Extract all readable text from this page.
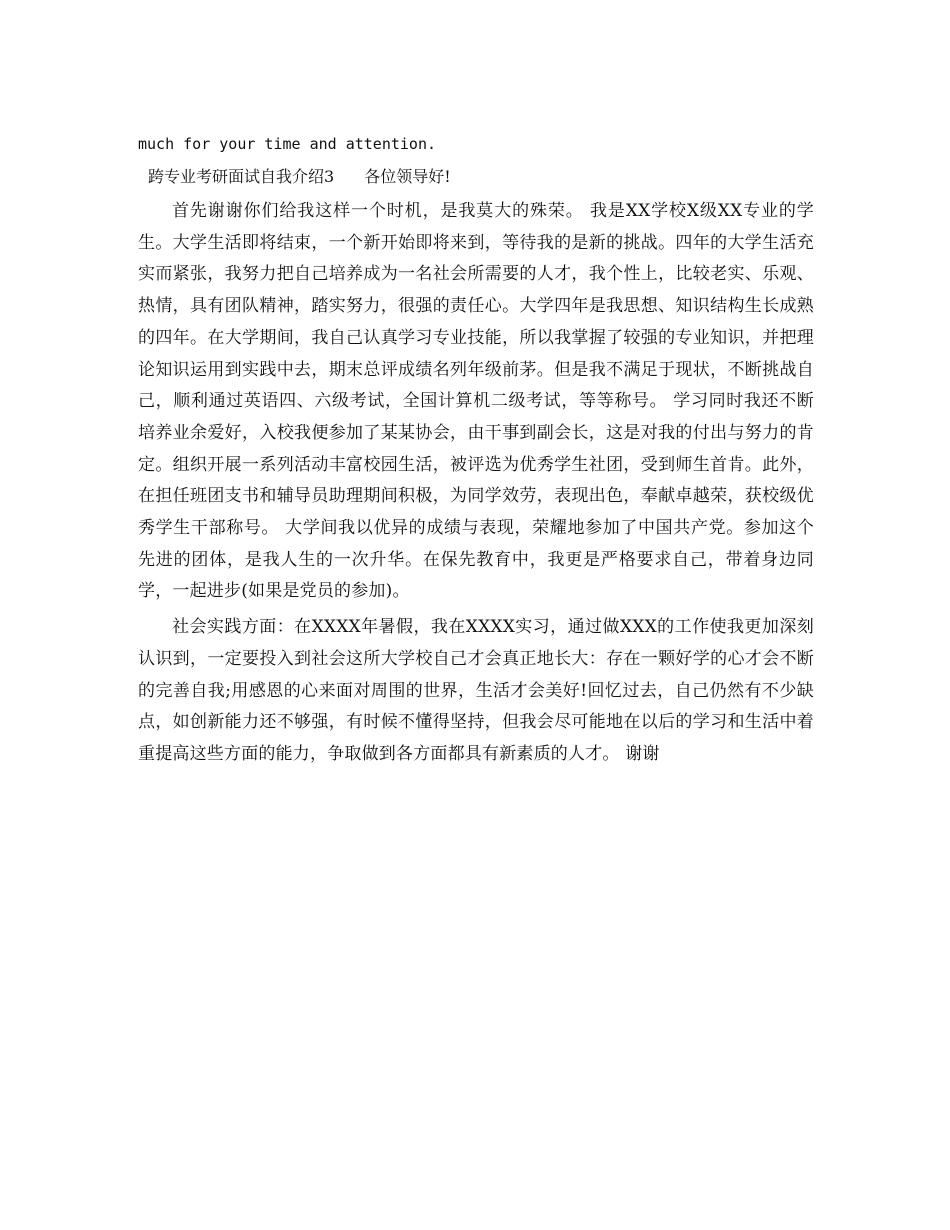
much for your time and attention.

跨专业考研面试自我介绍3 各位领导好!

首先谢谢你们给我这样一个时机，是我莫大的殊荣。 我是XX学校X级XX专业的学生。大学生活即将结束，一个新开始即将来到，等待我的是新的挑战。四年的大学生活充实而紧张，我努力把自己培养成为一名社会所需要的人才，我个性上，比较老实、乐观、热情，具有团队精神，踏实努力，很强的责任心。大学四年是我思想、知识结构生长成熟的四年。在大学期间，我自己认真学习专业技能，所以我掌握了较强的专业知识，并把理论知识运用到实践中去，期末总评成绩名列年级前茅。但是我不满足于现状，不断挑战自己，顺利通过英语四、六级考试，全国计算机二级考试，等等称号。 学习同时我还不断培养业余爱好，入校我便参加了某某协会，由干事到副会长，这是对我的付出与努力的肯定。组织开展一系列活动丰富校园生活，被评选为优秀学生社团，受到师生首肯。此外，在担任班团支书和辅导员助理期间积极，为同学效劳，表现出色，奉献卓越荣，获校级优秀学生干部称号。 大学间我以优异的成绩与表现，荣耀地参加了中国共产党。参加这个先进的团体，是我人生的一次升华。在保先教育中，我更是严格要求自己，带着身边同学，一起进步(如果是党员的参加)。

社会实践方面：在XXXX年暑假，我在XXXX实习，通过做XXX的工作使我更加深刻认识到，一定要投入到社会这所大学校自己才会真正地长大：存在一颗好学的心才会不断的完善自我;用感恩的心来面对周围的世界，生活才会美好!回忆过去，自己仍然有不少缺点，如创新能力还不够强，有时候不懂得坚持，但我会尽可能地在以后的学习和生活中着重提高这些方面的能力，争取做到各方面都具有新素质的人才。 谢谢
